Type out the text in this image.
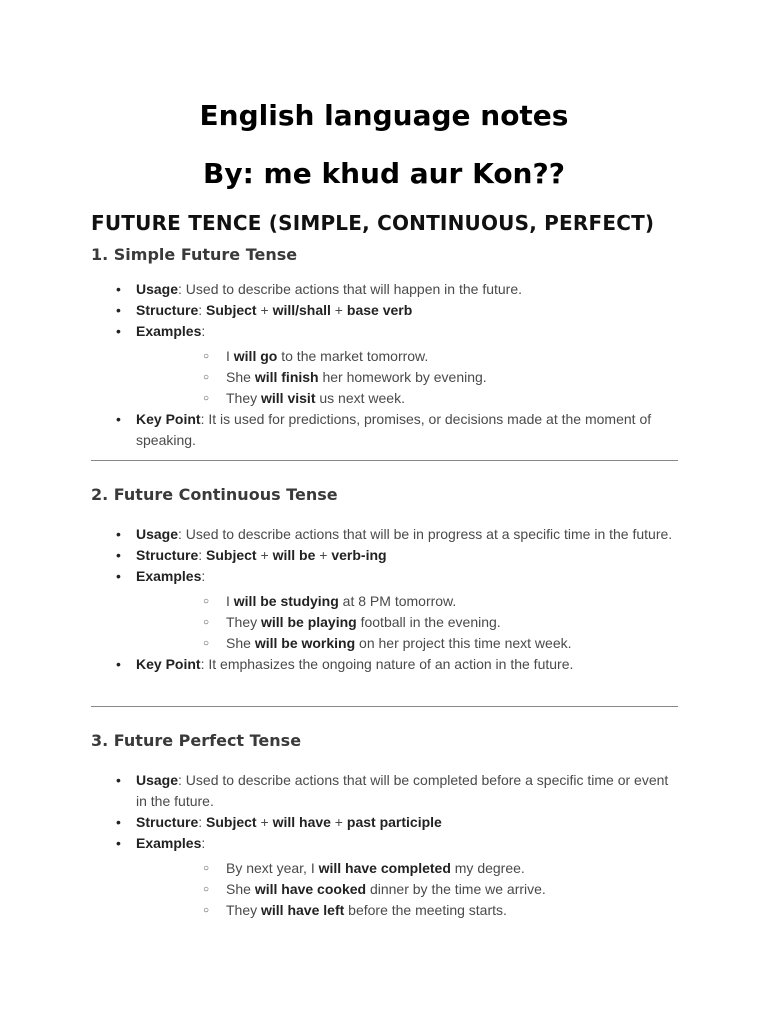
English language notes
By: me khud aur Kon??
FUTURE TENCE (SIMPLE, CONTINUOUS, PERFECT)
1. Simple Future Tense
• Usage: Used to describe actions that will happen in the future.
• Structure: Subject + will/shall + base verb
• Examples:
○ I will go to the market tomorrow.
○ She will finish her homework by evening.
○ They will visit us next week.
• Key Point: It is used for predictions, promises, or decisions made at the moment of speaking.
2. Future Continuous Tense
• Usage: Used to describe actions that will be in progress at a specific time in the future.
• Structure: Subject + will be + verb-ing
• Examples:
○ I will be studying at 8 PM tomorrow.
○ They will be playing football in the evening.
○ She will be working on her project this time next week.
• Key Point: It emphasizes the ongoing nature of an action in the future.
3. Future Perfect Tense
• Usage: Used to describe actions that will be completed before a specific time or event in the future.
• Structure: Subject + will have + past participle
• Examples:
○ By next year, I will have completed my degree.
○ She will have cooked dinner by the time we arrive.
○ They will have left before the meeting starts.
